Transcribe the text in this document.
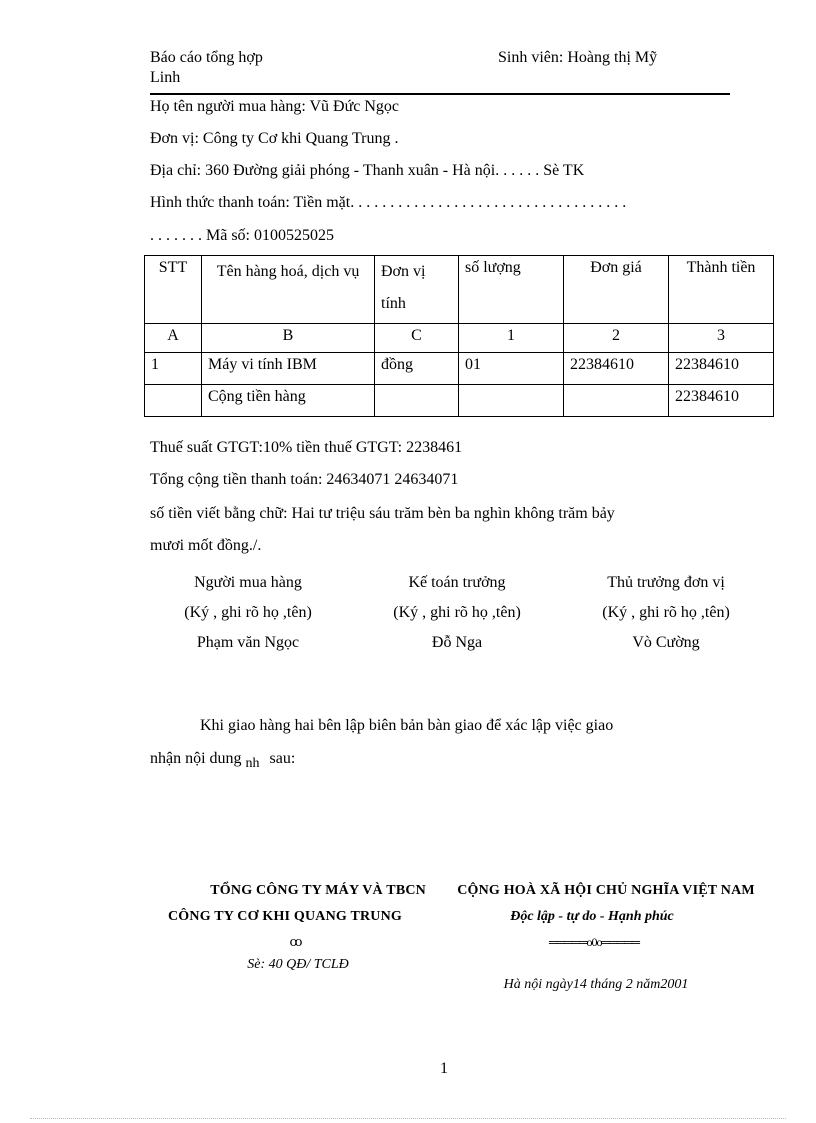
Báo cáo tổng hợp
Linh
Sinh viên: Hoàng thị Mỹ
Họ tên người mua hàng: Vũ Đức Ngọc
Đơn vị: Công ty Cơ khi Quang Trung .
Địa chỉ: 360 Đường giải phóng - Thanh xuân - Hà nội. . . . . . Sè TK
Hình thức thanh toán: Tiền mặt. . . . . . . . . . . . . . . . . . . . . . . . . . . . . . . . . . .
. . . . . . . Mã số: 0100525025
STT	Tên hàng hoá, dịch vụ	Đơn vị tính	số lượng	Đơn giá	Thành tiền
A	B	C	1	2	3
1	Máy vi tính IBM	đồng	01	22384610	22384610
	Cộng tiền hàng				22384610
Thuế suất GTGT:10% tiền thuế GTGT: 2238461
Tổng cộng tiền thanh toán: 24634071 24634071
số tiền viết bằng chữ: Hai tư triệu sáu trăm bèn ba nghìn không trăm bảy
mươi mốt đồng./.
Người mua hàng
(Ký , ghi rõ họ ,tên)
Phạm văn Ngọc
Kế toán trưởng
(Ký , ghi rõ họ ,tên)
Đỗ Nga
Thủ trưởng đơn vị
(Ký , ghi rõ họ ,tên)
Vò Cường
Khi giao hàng hai bên lập biên bản bàn giao để xác lập việc giao
nhận nội dung nh sau:
TỔNG CÔNG TY MÁY VÀ TBCN
CÔNG TY CƠ KHI QUANG TRUNG
ꝏ
Sè: 40 QĐ/ TCLĐ
CỘNG HOÀ XÃ HỘI CHỦ NGHĨA VIỆT NAM
Độc lập - tự do - Hạnh phúc
═════o0o═════
Hà nội ngày14 tháng 2 năm2001
1
